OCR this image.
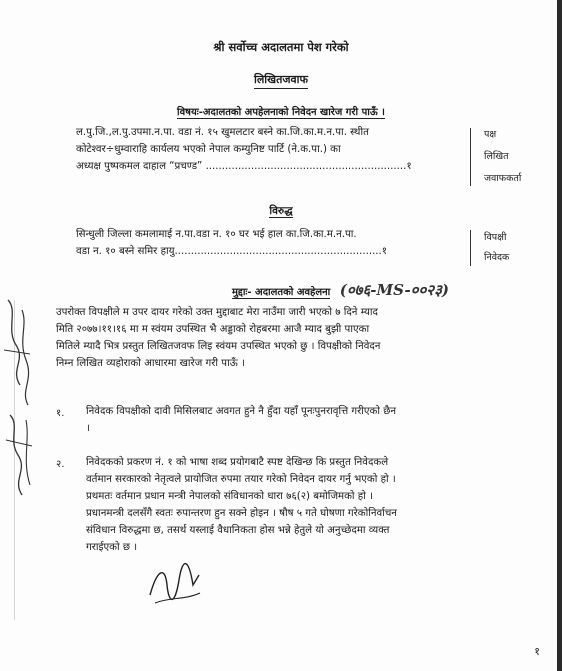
श्री सर्वोच्च अदालतमा पेश गरेको
लिखितजवाफ
विषयः-अदालतको अपहेलनाको निवेदन खारेज गरी पाऊँ ।
ल.पु.जि.,ल.पु.उपमा.न.पा. वडा नं. १५ खुमलटार बस्ने का.जि.का.म.न.पा. स्थीत
कोटेश्वर÷धुम्वाराहि कार्यलय भएको नेपाल कम्युनिष्ट पार्टि (ने.क.पा.) का
अध्यक्ष पुष्पकमल दाहाल “प्रचण्ड” ..............................................................१
पक्ष
लिखित
जवाफकर्ता
विरुद्ध
सिन्धुली जिल्ला कमलामाई न.पा.वडा न. १० घर भई हाल का.जि.का.म.न.पा.
वडा न. १० बस्ने समिर हायु................................................................१
विपक्षी
निवेदक
मुद्दाः- अदालतको अवहेलना (०७६-MS-००२३)
उपरोक्त विपक्षीले म उपर दायर गरेको उक्त मुद्दाबाट मेरा नाउँमा जारी भएको ७ दिने म्याद
मिति २०७७।११।१६ मा म स्वंयम उपस्थित भै अड्डाको रोहबरमा आजै म्याद बुझी पाएका
मितिले म्यादै भित्र प्रस्तुत लिखितजवफ लिइ स्वंयम उपस्थित भएको छु । विपक्षीको निवेदन
निम्न लिखित व्यहोराको आधारमा खारेज गरी पाऊँ ।
१. निवेदक विपक्षीको दावी मिसिलबाट अवगत हुने नै हुँदा यहाँ पूनःपुनरावृत्ति गरीएको छैन
।
२. निवेदकको प्रकरण नं. १ को भाषा शब्द प्रयोगबाटै स्पष्ट देखिन्छ कि प्रस्तुत निवेदकले
वर्तमान सरकारको नेतृत्वले प्रायोजित रुपमा तयार गरेको निवेदन दायर गर्नु भएको हो ।
प्रथमतः वर्तमान प्रधान मन्त्री नेपालको संविधानको धारा ७६(२) बमोजिमको हो ।
प्रधानमन्त्री दलसँगै स्वतः रुपान्तरण हुन सक्ने होइन । षौष ५ गते घोषणा गरेकोनिर्वाचन
संविधान विरुद्धमा छ, तसर्थ यस्लाई वैधानिकता होस भन्ने हेतुले यो अनुच्छेदमा व्यक्त
गराईएको छ ।
१
